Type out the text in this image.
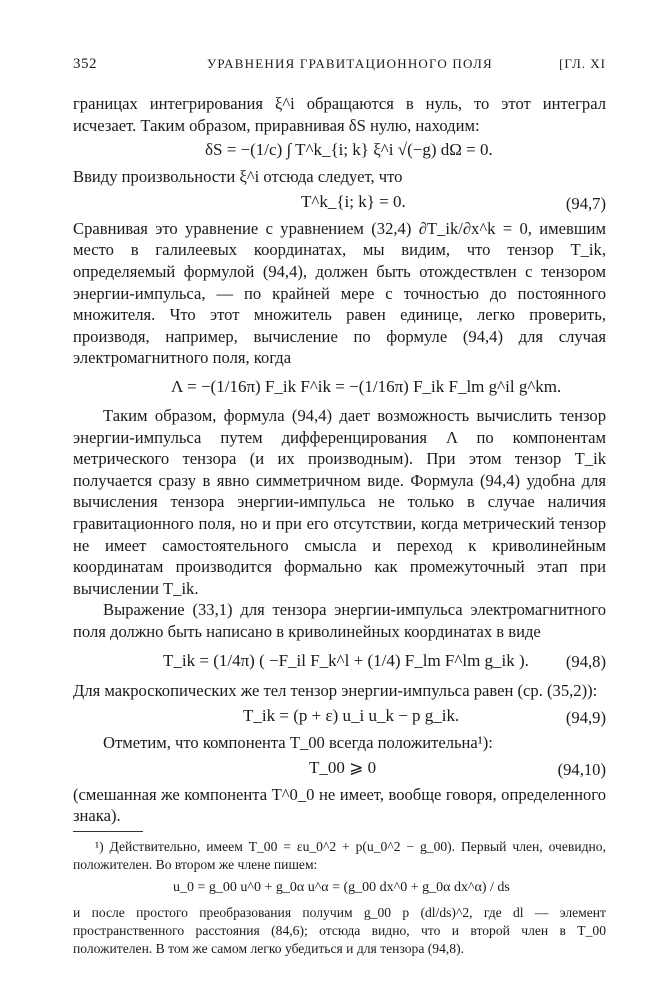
352	УРАВНЕНИЯ ГРАВИТАЦИОННОГО ПОЛЯ	[ГЛ. XI

границах интегрирования ξ^i обращаются в нуль, то этот интеграл исчезает. Таким образом, приравнивая δS нулю, находим:

δS = −(1/c) ∫ T^k_{i; k} ξ^i √(−g) dΩ = 0.

Ввиду произвольности ξ^i отсюда следует, что

T^k_{i; k} = 0.	(94,7)

Сравнивая это уравнение с уравнением (32,4) ∂T_ik/∂x^k = 0, имевшим место в галилеевых координатах, мы видим, что тензор T_ik, определяемый формулой (94,4), должен быть отождествлен с тензором энергии-импульса, — по крайней мере с точностью до постоянного множителя. Что этот множитель равен единице, легко проверить, производя, например, вычисление по формуле (94,4) для случая электромагнитного поля, когда

Λ = −(1/16π) F_ik F^ik = −(1/16π) F_ik F_lm g^il g^km.

Таким образом, формула (94,4) дает возможность вычислить тензор энергии-импульса путем дифференцирования Λ по компонентам метрического тензора (и их производным). При этом тензор T_ik получается сразу в явно симметричном виде. Формула (94,4) удобна для вычисления тензора энергии-импульса не только в случае наличия гравитационного поля, но и при его отсутствии, когда метрический тензор не имеет самостоятельного смысла и переход к криволинейным координатам производится формально как промежуточный этап при вычислении T_ik.

Выражение (33,1) для тензора энергии-импульса электромагнитного поля должно быть написано в криволинейных координатах в виде

T_ik = (1/4π) ( −F_il F_k^l + (1/4) F_lm F^lm g_ik ). (94,8)

Для макроскопических же тел тензор энергии-импульса равен (ср. (35,2)):

T_ik = (p + ε) u_i u_k − p g_ik.	(94,9)

Отметим, что компонента T_00 всегда положительна¹):

T_00 ⩾ 0	(94,10)

(смешанная же компонента T^0_0 не имеет, вообще говоря, определенного знака).

¹) Действительно, имеем T_00 = εu_0^2 + p(u_0^2 − g_00). Первый член, очевидно, положителен. Во втором же члене пишем:

u_0 = g_00 u^0 + g_0α u^α = (g_00 dx^0 + g_0α dx^α) / ds

и после простого преобразования получим g_00 p (dl/ds)^2, где dl — элемент пространственного расстояния (84,6); отсюда видно, что и второй член в T_00 положителен. В том же самом легко убедиться и для тензора (94,8).
